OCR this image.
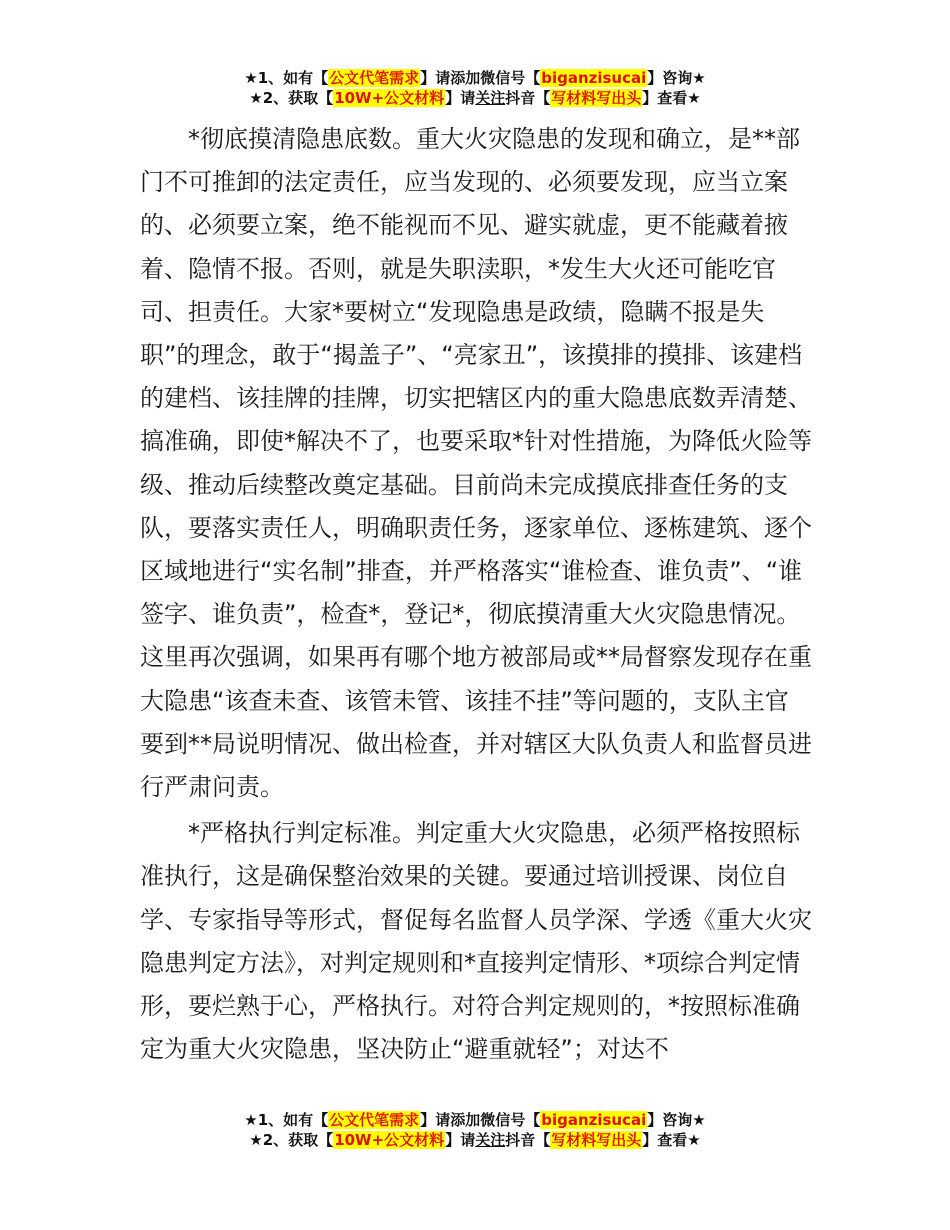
★1、如有【公文代笔需求】请添加微信号【biganzisucai】咨询★
★2、获取【10W+公文材料】请关注抖音【写材料写出头】查看★

*彻底摸清隐患底数。重大火灾隐患的发现和确立，是**部门不可推卸的法定责任，应当发现的、必须要发现，应当立案的、必须要立案，绝不能视而不见、避实就虚，更不能藏着掖着、隐情不报。否则，就是失职渎职，*发生大火还可能吃官司、担责任。大家*要树立“发现隐患是政绩，隐瞒不报是失职”的理念，敢于“揭盖子”、“亮家丑”，该摸排的摸排、该建档的建档、该挂牌的挂牌，切实把辖区内的重大隐患底数弄清楚、搞准确，即使*解决不了，也要采取*针对性措施，为降低火险等级、推动后续整改奠定基础。目前尚未完成摸底排查任务的支队，要落实责任人，明确职责任务，逐家单位、逐栋建筑、逐个区域地进行“实名制”排查，并严格落实“谁检查、谁负责”、“谁签字、谁负责”，检查*，登记*，彻底摸清重大火灾隐患情况。这里再次强调，如果再有哪个地方被部局或**局督察发现存在重大隐患“该查未查、该管未管、该挂不挂”等问题的，支队主官要到**局说明情况、做出检查，并对辖区大队负责人和监督员进行严肃问责。

*严格执行判定标准。判定重大火灾隐患，必须严格按照标准执行，这是确保整治效果的关键。要通过培训授课、岗位自学、专家指导等形式，督促每名监督人员学深、学透《重大火灾隐患判定方法》，对判定规则和*直接判定情形、*项综合判定情形，要烂熟于心，严格执行。对符合判定规则的，*按照标准确定为重大火灾隐患，坚决防止“避重就轻”；对达不

★1、如有【公文代笔需求】请添加微信号【biganzisucai】咨询★
★2、获取【10W+公文材料】请关注抖音【写材料写出头】查看★
